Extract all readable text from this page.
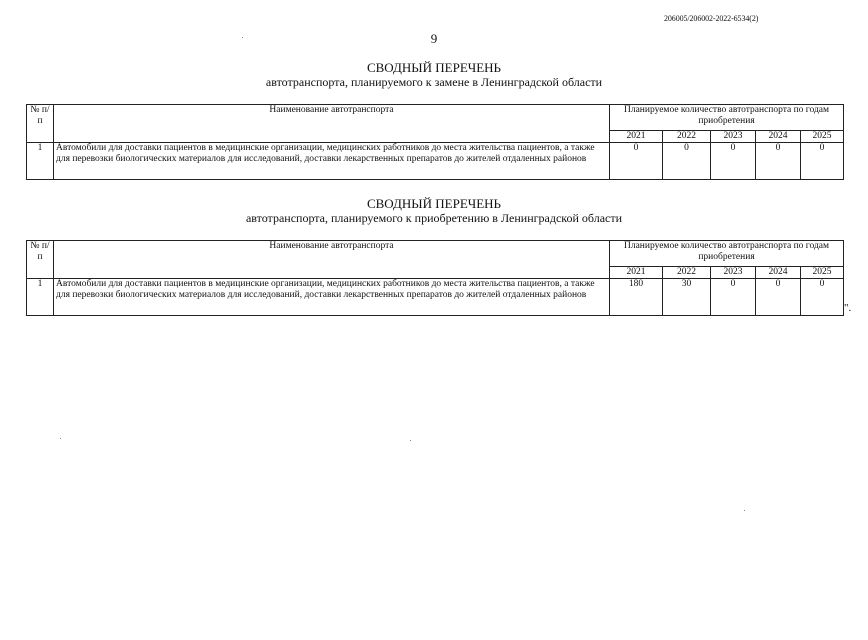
206005/206002-2022-6534(2)
9
СВОДНЫЙ ПЕРЕЧЕНЬ
автотранспорта, планируемого к замене в Ленинградской области
№ п/п	Наименование автотранспорта	Планируемое количество автотранспорта по годам приобретения				
		2021	2022	2023	2024	2025
1	Автомобили для доставки пациентов в медицинские организации, медицинских работников до места жительства пациентов, а также для перевозки биологических материалов для исследований, доставки лекарственных препаратов до жителей отдаленных районов	0	0	0	0	0
СВОДНЫЙ ПЕРЕЧЕНЬ
автотранспорта, планируемого к приобретению в Ленинградской области
№ п/п	Наименование автотранспорта	Планируемое количество автотранспорта по годам приобретения				
		2021	2022	2023	2024	2025
1	Автомобили для доставки пациентов в медицинские организации, медицинских работников до места жительства пациентов, а также для перевозки биологических материалов для исследований, доставки лекарственных препаратов до жителей отдаленных районов	180	30	0	0	0
".
